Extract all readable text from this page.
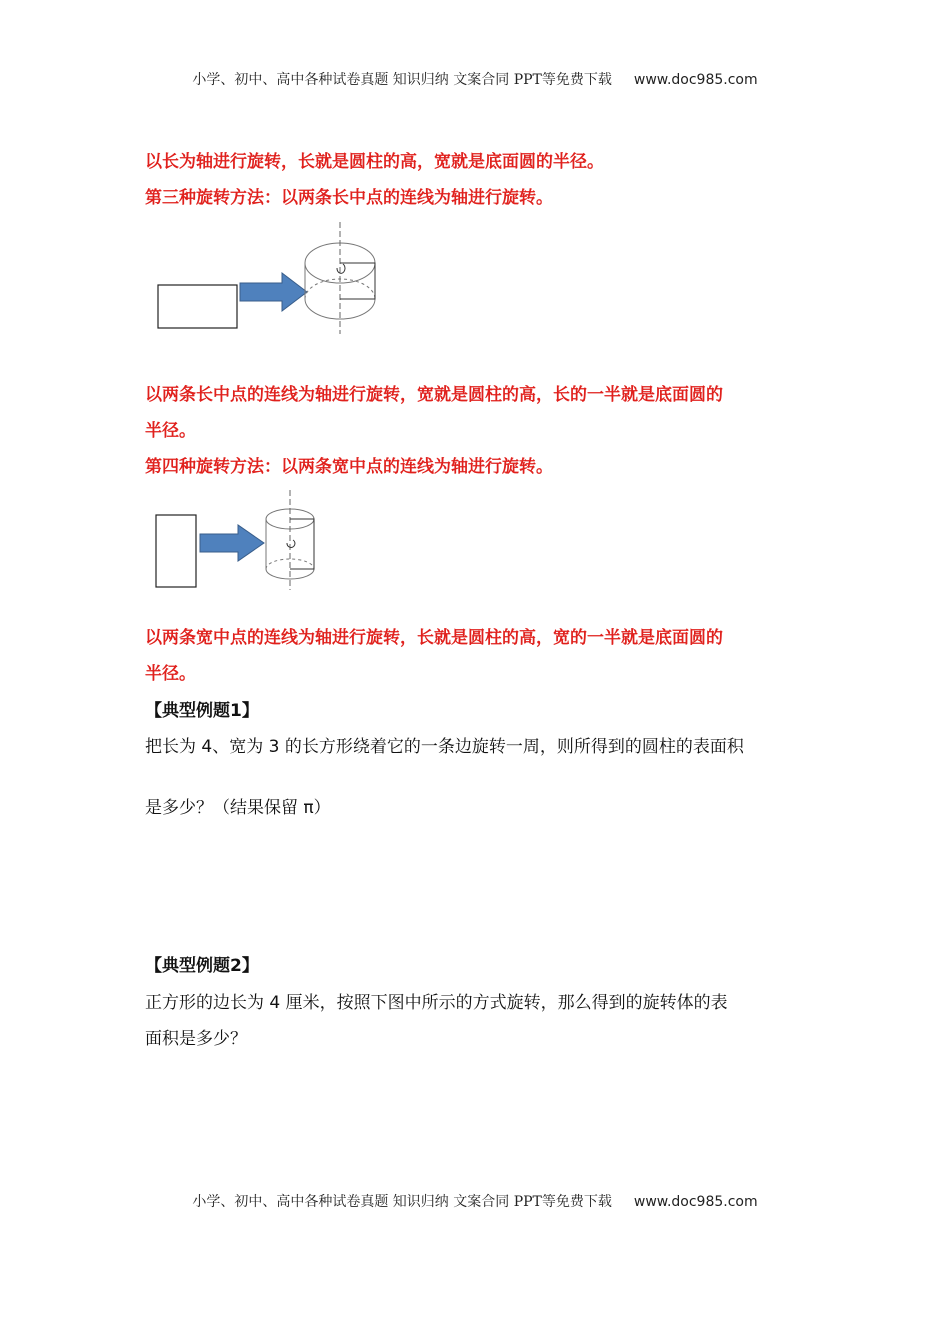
小学、初中、高中各种试卷真题 知识归纳 文案合同 PPT等免费下载 www.doc985.com
以长为轴进行旋转，长就是圆柱的高，宽就是底面圆的半径。
第三种旋转方法：以两条长中点的连线为轴进行旋转。
以两条长中点的连线为轴进行旋转，宽就是圆柱的高，长的一半就是底面圆的
半径。
第四种旋转方法：以两条宽中点的连线为轴进行旋转。
以两条宽中点的连线为轴进行旋转，长就是圆柱的高，宽的一半就是底面圆的
半径。
【典型例题1】
把长为 4、宽为 3 的长方形绕着它的一条边旋转一周，则所得到的圆柱的表面积
是多少？（结果保留 π）
【典型例题2】
正方形的边长为 4 厘米，按照下图中所示的方式旋转，那么得到的旋转体的表
面积是多少？
小学、初中、高中各种试卷真题 知识归纳 文案合同 PPT等免费下载 www.doc985.com
